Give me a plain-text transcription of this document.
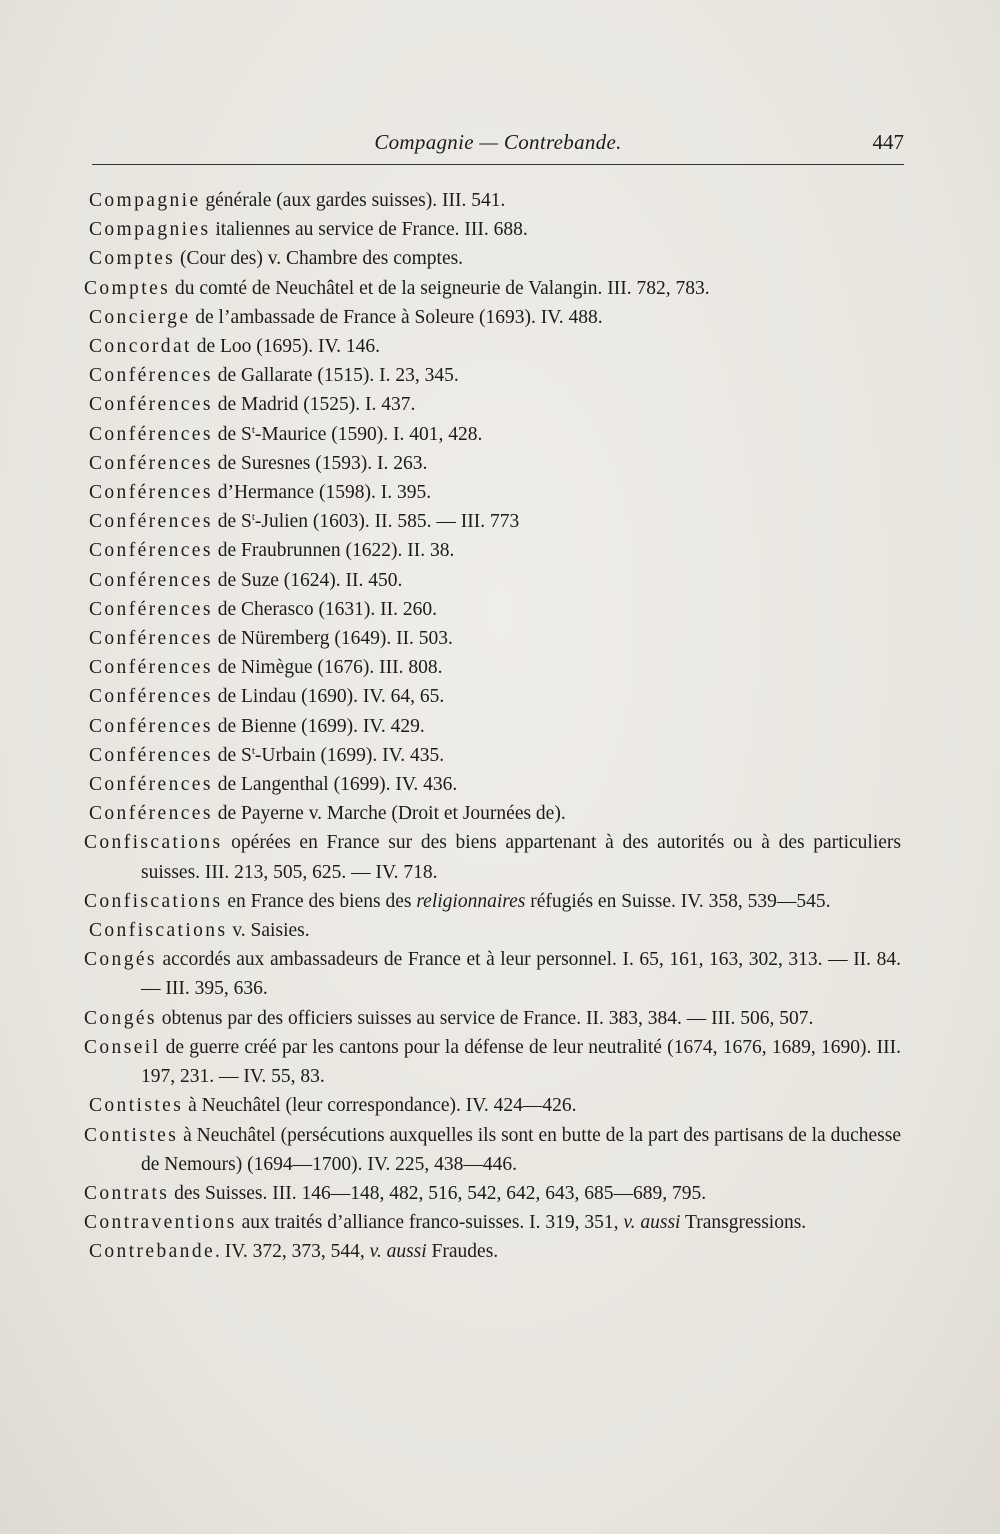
Compagnie — Contrebande.	447

Compagnie générale (aux gardes suisses). III. 541.

Compagnies italiennes au service de France. III. 688.

Comptes (Cour des) v. Chambre des comptes.

Comptes du comté de Neuchâtel et de la seigneurie de Valangin. III. 782, 783.

Concierge de l’ambassade de France à Soleure (1693). IV. 488.

Concordat de Loo (1695). IV. 146.

Conférences de Gallarate (1515). I. 23, 345.

Conférences de Madrid (1525). I. 437.

Conférences de $S^t$-Maurice (1590). I. 401, 428.

Conférences de Suresnes (1593). I. 263.

Conférences d’Hermance (1598). I. 395.

Conférences de $S^t$-Julien (1603). II. 585. — III. 773

Conférences de Fraubrunnen (1622). II. 38.

Conférences de Suze (1624). II. 450.

Conférences de Cherasco (1631). II. 260.

Conférences de Nüremberg (1649). II. 503.

Conférences de Nimègue (1676). III. 808.

Conférences de Lindau (1690). IV. 64, 65.

Conférences de Bienne (1699). IV. 429.

Conférences de $S^t$-Urbain (1699). IV. 435.

Conférences de Langenthal (1699). IV. 436.

Conférences de Payerne v. Marche (Droit et Journées de).

Confiscations opérées en France sur des biens appartenant à des autorités ou à des particuliers suisses. III. 213, 505, 625. — IV. 718.

Confiscations en France des biens des religionnaires réfugiés en Suisse. IV. 358, 539—545.

Confiscations v. Saisies.

Congés accordés aux ambassadeurs de France et à leur personnel. I. 65, 161, 163, 302, 313. — II. 84. — III. 395, 636.

Congés obtenus par des officiers suisses au service de France. II. 383, 384. — III. 506, 507.

Conseil de guerre créé par les cantons pour la défense de leur neutralité (1674, 1676, 1689, 1690). III. 197, 231. — IV. 55, 83.

Contistes à Neuchâtel (leur correspondance). IV. 424—426.

Contistes à Neuchâtel (persécutions auxquelles ils sont en butte de la part des partisans de la duchesse de Nemours) (1694—1700). IV. 225, 438—446.

Contrats des Suisses. III. 146—148, 482, 516, 542, 642, 643, 685—689, 795.

Contraventions aux traités d’alliance franco-suisses. I. 319, 351, v. aussi Transgressions.

Contrebande. IV. 372, 373, 544, v. aussi Fraudes.
